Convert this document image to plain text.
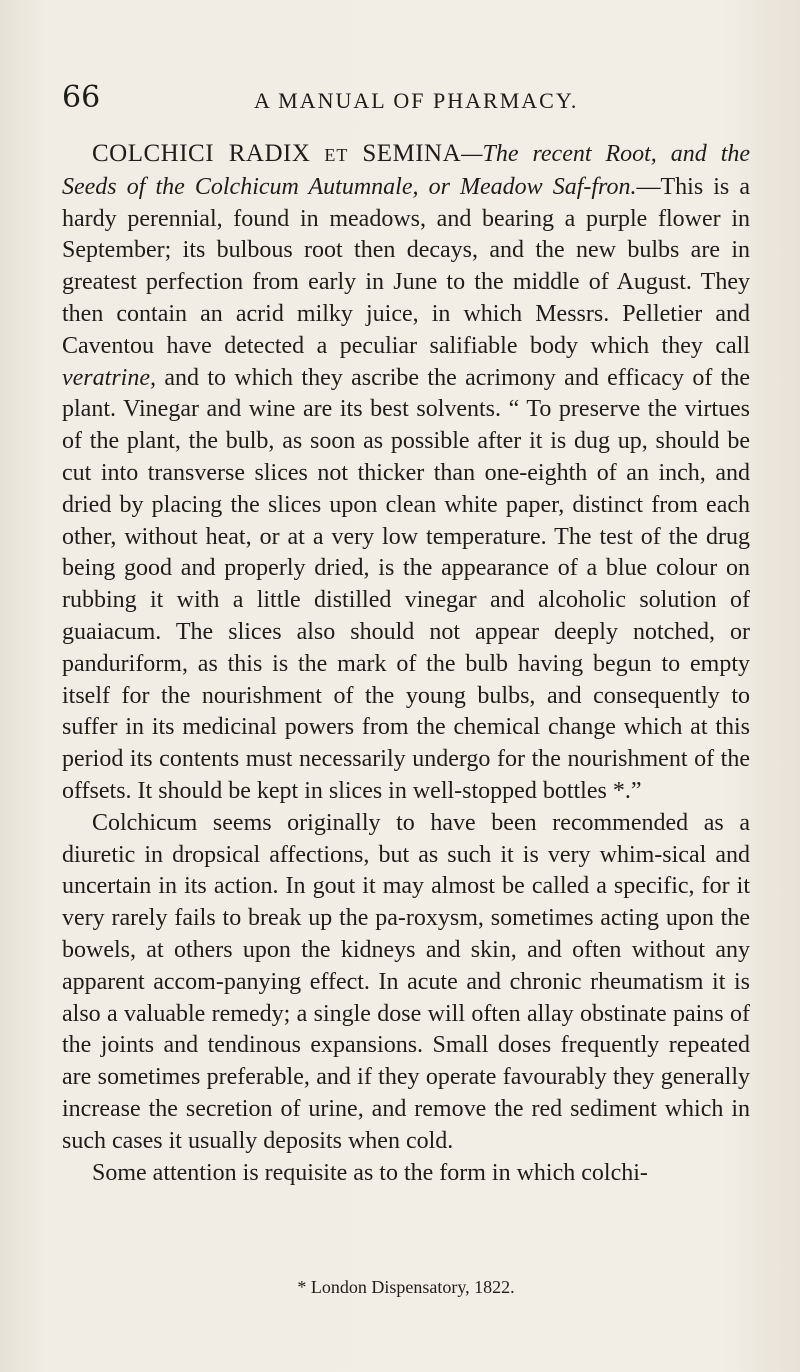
66	A MANUAL OF PHARMACY.

COLCHICI RADIX ET SEMINA—The recent Root, and the Seeds of the Colchicum Autumnale, or Meadow Saf-fron.—This is a hardy perennial, found in meadows, and bearing a purple flower in September; its bulbous root then decays, and the new bulbs are in greatest perfection from early in June to the middle of August. They then contain an acrid milky juice, in which Messrs. Pelletier and Caventou have detected a peculiar salifiable body which they call veratrine, and to which they ascribe the acrimony and efficacy of the plant. Vinegar and wine are its best solvents. “ To preserve the virtues of the plant, the bulb, as soon as possible after it is dug up, should be cut into transverse slices not thicker than one-eighth of an inch, and dried by placing the slices upon clean white paper, distinct from each other, without heat, or at a very low temperature. The test of the drug being good and properly dried, is the appearance of a blue colour on rubbing it with a little distilled vinegar and alcoholic solution of guaiacum. The slices also should not appear deeply notched, or panduriform, as this is the mark of the bulb having begun to empty itself for the nourishment of the young bulbs, and consequently to suffer in its medicinal powers from the chemical change which at this period its contents must necessarily undergo for the nourishment of the offsets. It should be kept in slices in well-stopped bottles *.”

Colchicum seems originally to have been recommended as a diuretic in dropsical affections, but as such it is very whim-sical and uncertain in its action. In gout it may almost be called a specific, for it very rarely fails to break up the pa-roxysm, sometimes acting upon the bowels, at others upon the kidneys and skin, and often without any apparent accom-panying effect. In acute and chronic rheumatism it is also a valuable remedy; a single dose will often allay obstinate pains of the joints and tendinous expansions. Small doses frequently repeated are sometimes preferable, and if they operate favourably they generally increase the secretion of urine, and remove the red sediment which in such cases it usually deposits when cold.

Some attention is requisite as to the form in which colchi-

* London Dispensatory, 1822.
